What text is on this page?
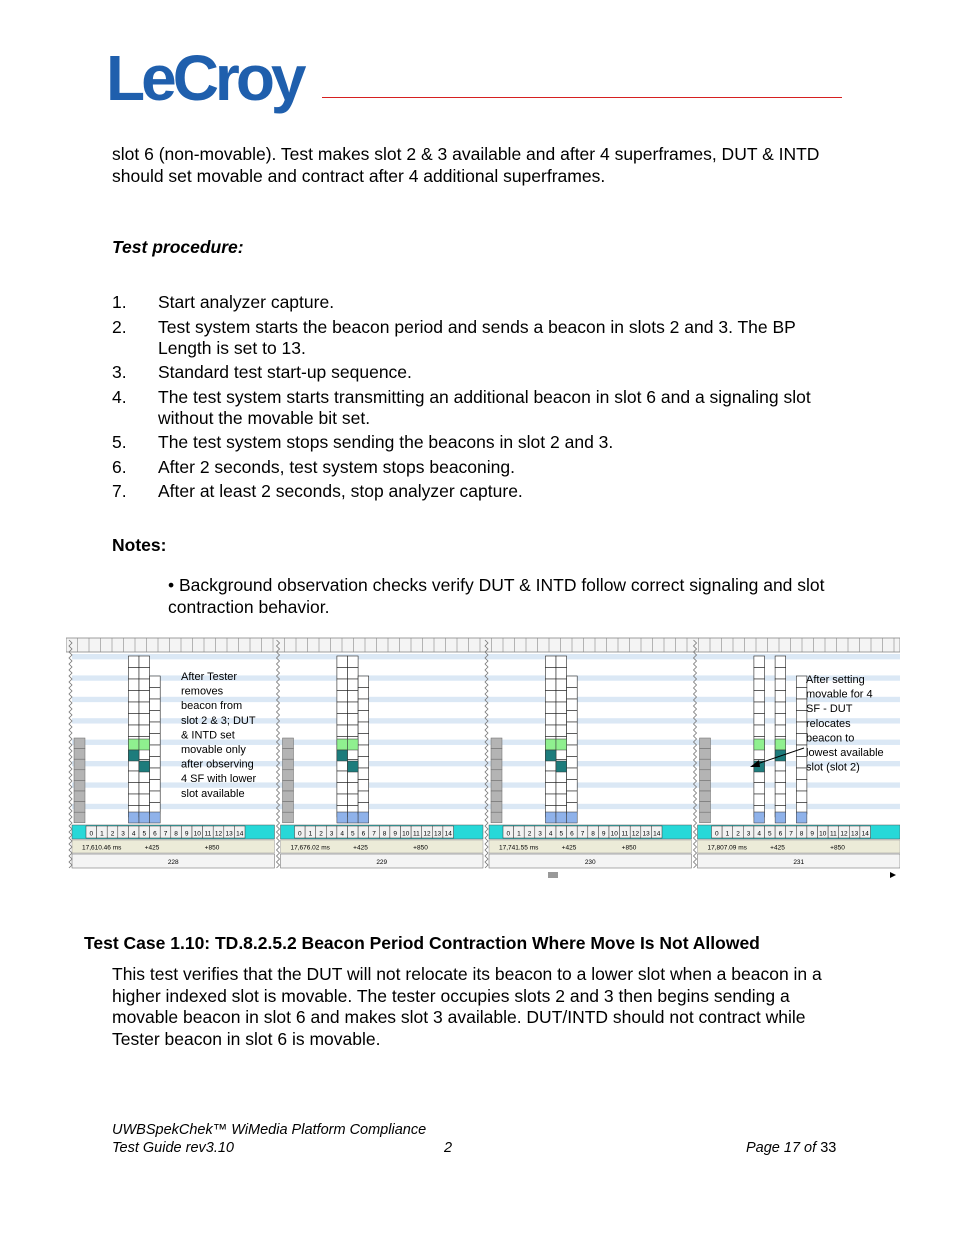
LeCroy
slot 6 (non-movable). Test makes slot 2 & 3 available and after 4 superframes, DUT & INTD should set movable and contract after 4 additional superframes.
Test procedure:
1.	Start analyzer capture.
2.	Test system starts the beacon period and sends a beacon in slots 2 and 3. The BP Length is set to 13.
3.	Standard test start-up sequence.
4.	The test system starts transmitting an additional beacon in slot 6 and a signaling slot without the movable bit set.
5.	The test system stops sending the beacons in slot 2 and 3.
6.	After 2 seconds, test system stops beaconing.
7.	After at least 2 seconds, stop analyzer capture.
Notes:
• Background observation checks verify DUT & INTD follow correct signaling and slot contraction behavior.
0 1 2 3 4 5 6 7 8 9 10 11 12 13 14
17,610.46 ms	+425	+850
228
0 1 2 3 4 5 6 7 8 9 10 11 12 13 14
17,676.02 ms	+425	+850
229
0 1 2 3 4 5 6 7 8 9 10 11 12 13 14
17,741.55 ms	+425	+850
230
0 1 2 3 4 5 6 7 8 9 10 11 12 13 14
17,807.09 ms	+425	+850
231
After Tester
removes
beacon from
slot 2 & 3; DUT
& INTD set
movable only
after observing
4 SF with lower
slot available
After setting
movable for 4
SF - DUT
relocates
beacon to
lowest available
slot (slot 2)
Test Case 1.10: TD.8.2.5.2 Beacon Period Contraction Where Move Is Not Allowed
This test verifies that the DUT will not relocate its beacon to a lower slot when a beacon in a higher indexed slot is movable. The tester occupies slots 2 and 3 then begins sending a movable beacon in slot 6 and makes slot 3 available. DUT/INTD should not contract while Tester beacon in slot 6 is movable.
UWBSpekChek™ WiMedia Platform Compliance
Test Guide rev3.10	2	Page 17 of 33
